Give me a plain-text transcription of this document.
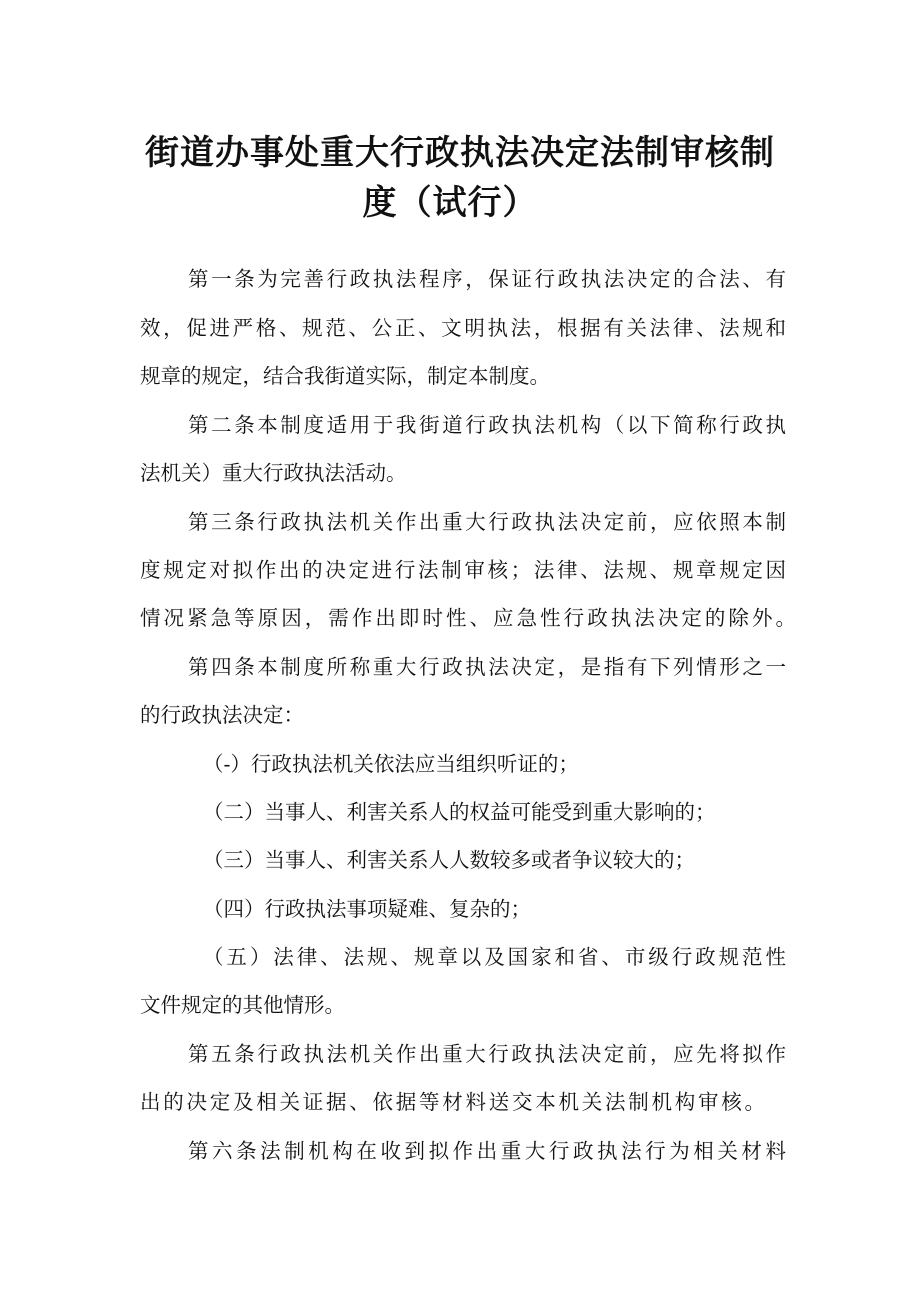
街道办事处重大行政执法决定法制审核制
度（试行）
第一条为完善行政执法程序，保证行政执法决定的合法、有
效，促进严格、规范、公正、文明执法，根据有关法律、法规和
规章的规定，结合我街道实际，制定本制度。
第二条本制度适用于我街道行政执法机构（以下简称行政执
法机关）重大行政执法活动。
第三条行政执法机关作出重大行政执法决定前，应依照本制
度规定对拟作出的决定进行法制审核；法律、法规、规章规定因
情况紧急等原因，需作出即时性、应急性行政执法决定的除外。
第四条本制度所称重大行政执法决定，是指有下列情形之一
的行政执法决定：
（-）行政执法机关依法应当组织听证的；
（二）当事人、利害关系人的权益可能受到重大影响的；
（三）当事人、利害关系人人数较多或者争议较大的；
（四）行政执法事项疑难、复杂的；
（五）法律、法规、规章以及国家和省、市级行政规范性
文件规定的其他情形。
第五条行政执法机关作出重大行政执法决定前，应先将拟作
出的决定及相关证据、依据等材料送交本机关法制机构审核。
第六条法制机构在收到拟作出重大行政执法行为相关材料
